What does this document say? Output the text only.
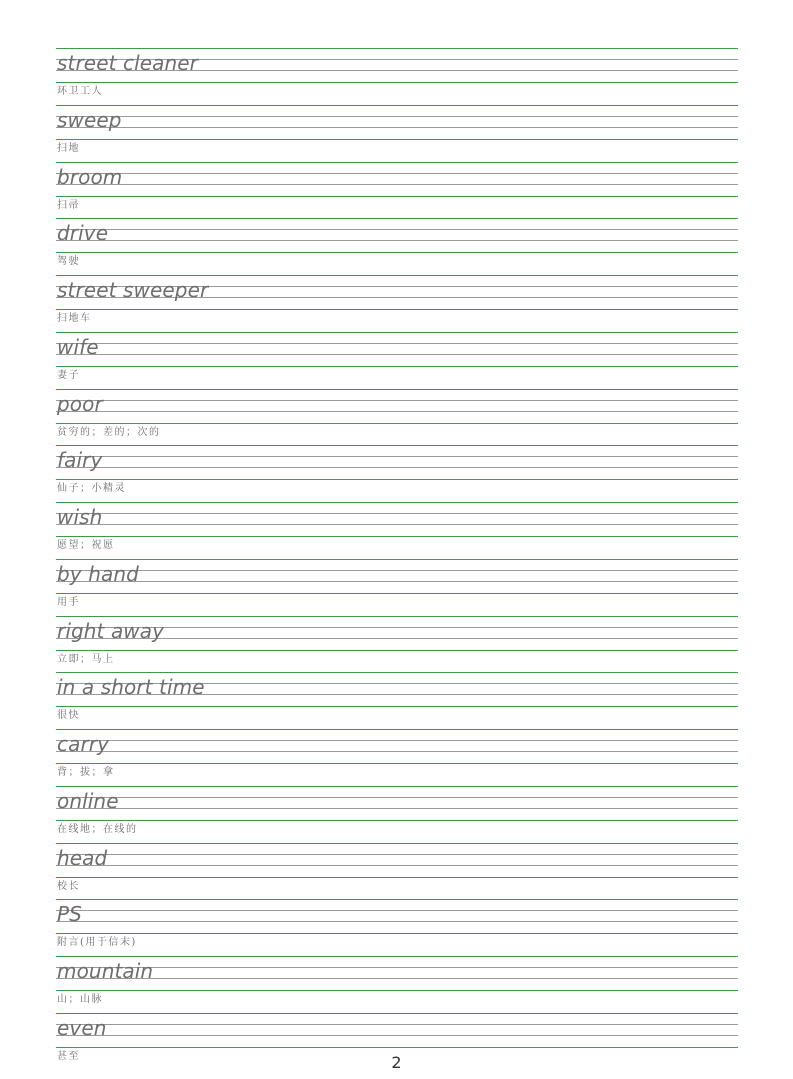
street cleaner
环卫工人
sweep
扫地
broom
扫帚
drive
驾驶
street sweeper
扫地车
wife
妻子
poor
贫穷的；差的；次的
fairy
仙子；小精灵
wish
愿望；祝愿
by hand
用手
right away
立即；马上
in a short time
很快
carry
背；拔；拿
online
在线地；在线的
head
校长
PS
附言(用于信末)
mountain
山；山脉
even
甚至	2
